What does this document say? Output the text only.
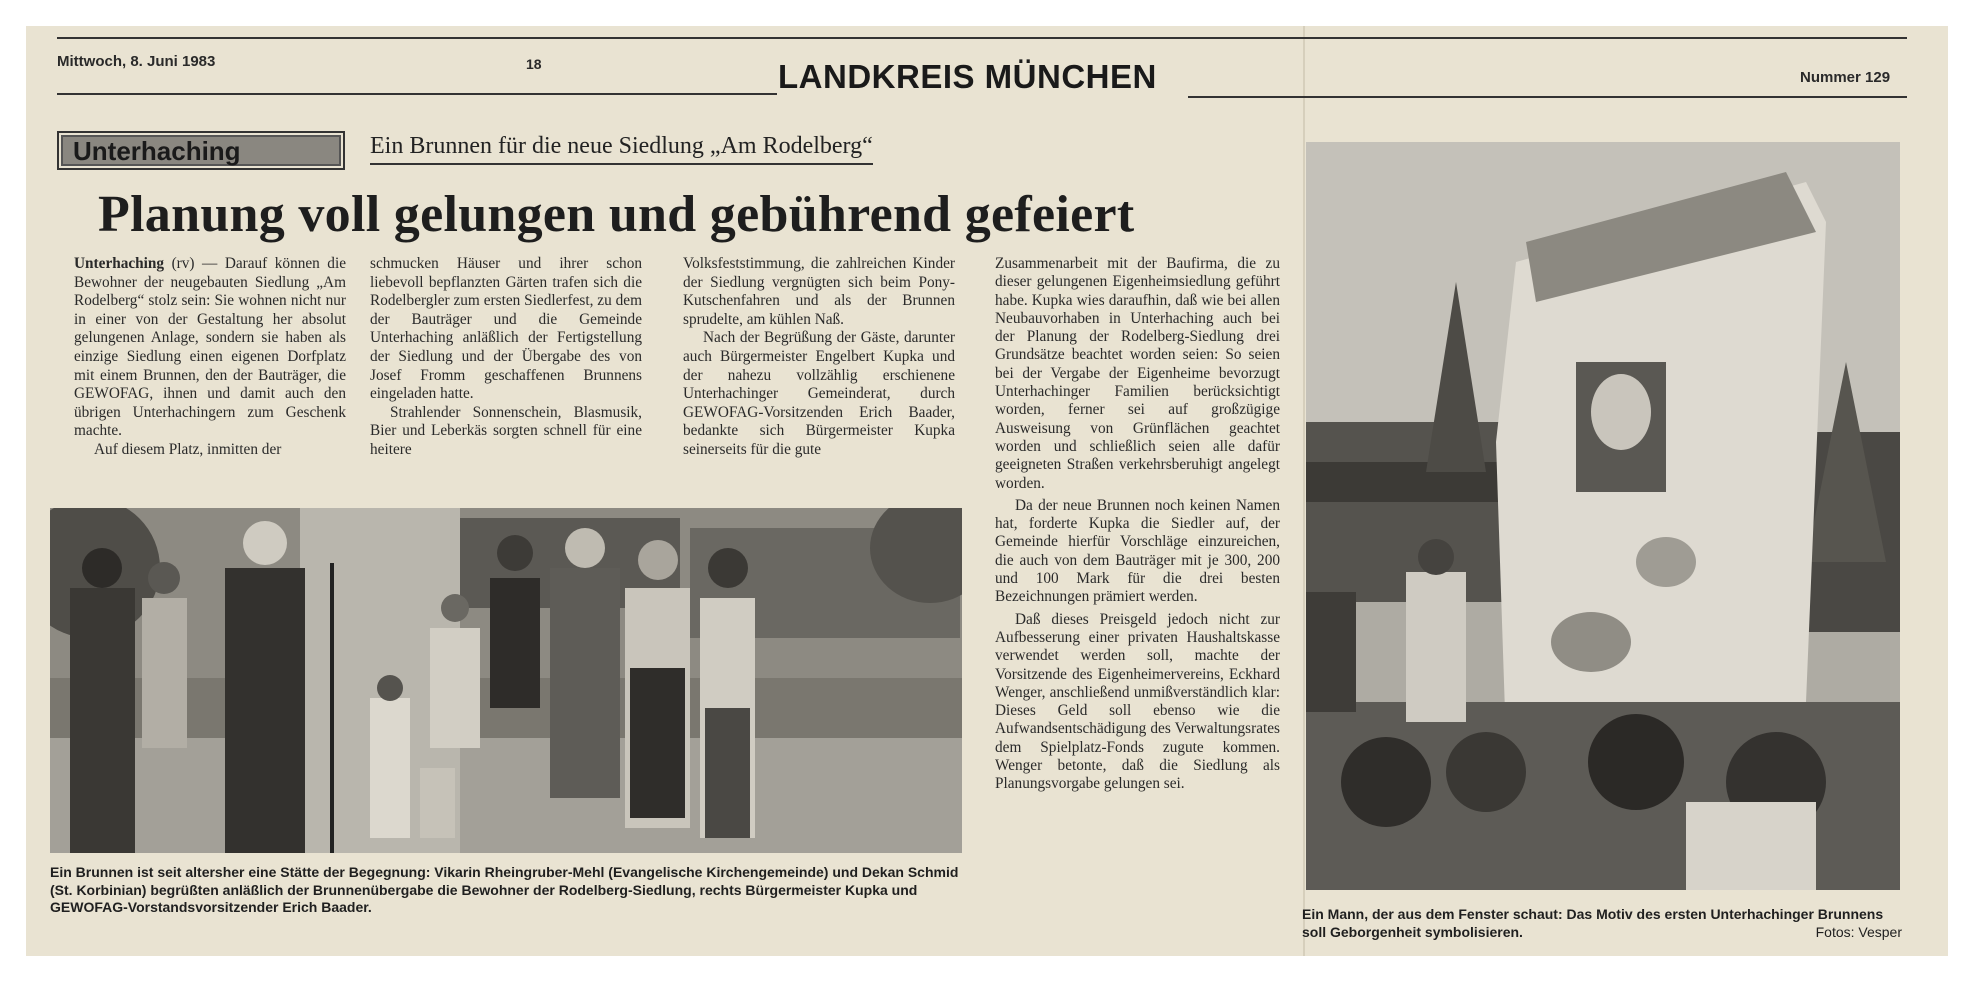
Mittwoch, 8. Juni 1983	18	LANDKREIS MÜNCHEN	Nummer 129
Unterhaching	Ein Brunnen für die neue Siedlung „Am Rodelberg“
Planung voll gelungen und gebührend gefeiert

Unterhaching (rv) — Darauf können die Bewohner der neugebauten Siedlung „Am Rodelberg“ stolz sein: Sie wohnen nicht nur in einer von der Gestaltung her absolut gelungenen Anlage, sondern sie haben als einzige Siedlung einen eigenen Dorfplatz mit einem Brunnen, den der Bauträger, die GEWOFAG, ihnen und damit auch den übrigen Unterhachingern zum Geschenk machte.

Auf diesem Platz, inmitten der

schmucken Häuser und ihrer schon liebevoll bepflanzten Gärten trafen sich die Rodelbergler zum ersten Siedlerfest, zu dem der Bauträger und die Gemeinde Unterhaching anläßlich der Fertigstellung der Siedlung und der Übergabe des von Josef Fromm geschaffenen Brunnens eingeladen hatte.

Strahlender Sonnenschein, Blasmusik, Bier und Leberkäs sorgten schnell für eine heitere

Volksfeststimmung, die zahlreichen Kinder der Siedlung vergnügten sich beim Pony-Kutschenfahren und als der Brunnen sprudelte, am kühlen Naß.

Nach der Begrüßung der Gäste, darunter auch Bürgermeister Engelbert Kupka und der nahezu vollzählig erschienene Unterhachinger Gemeinderat, durch GEWOFAG-Vorsitzenden Erich Baader, bedankte sich Bürgermeister Kupka seinerseits für die gute

Zusammenarbeit mit der Baufirma, die zu dieser gelungenen Eigenheimsiedlung geführt habe. Kupka wies daraufhin, daß wie bei allen Neubauvorhaben in Unterhaching auch bei der Planung der Rodelberg-Siedlung drei Grundsätze beachtet worden seien: So seien bei der Vergabe der Eigenheime bevorzugt Unterhachinger Familien berücksichtigt worden, ferner sei auf großzügige Ausweisung von Grünflächen geachtet worden und schließlich seien alle dafür geeigneten Straßen verkehrsberuhigt angelegt worden.

Da der neue Brunnen noch keinen Namen hat, forderte Kupka die Siedler auf, der Gemeinde hierfür Vorschläge einzureichen, die auch von dem Bauträger mit je 300, 200 und 100 Mark für die drei besten Bezeichnungen prämiert werden.

Daß dieses Preisgeld jedoch nicht zur Aufbesserung einer privaten Haushaltskasse verwendet werden soll, machte der Vorsitzende des Eigenheimervereins, Eckhard Wenger, anschließend unmißverständlich klar: Dieses Geld soll ebenso wie die Aufwandsentschädigung des Verwaltungsrates dem Spielplatz-Fonds zugute kommen. Wenger betonte, daß die Siedlung als Planungsvorgabe gelungen sei.

Ein Brunnen ist seit altersher eine Stätte der Begegnung: Vikarin Rheingruber-Mehl (Evangelische Kirchengemeinde) und Dekan Schmid (St. Korbinian) begrüßten anläßlich der Brunnenübergabe die Bewohner der Rodelberg-Siedlung, rechts Bürgermeister Kupka und GEWOFAG-Vorstandsvorsitzender Erich Baader.	Ein Mann, der aus dem Fenster schaut: Das Motiv des ersten Unterhachinger Brunnens soll Geborgenheit symbolisieren.	Fotos: Vesper
